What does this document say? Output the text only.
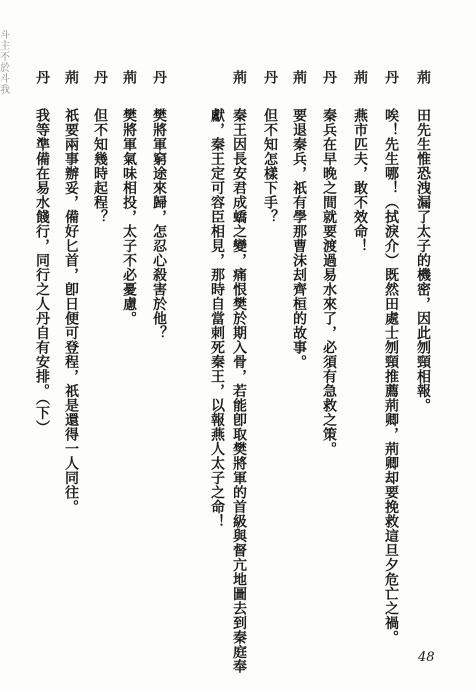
斗
主
不
於
斗
我
荊
田先生惟恐洩漏了太子的機密，因此刎頸相報。
丹
唉！先生哪！（拭淚介）既然田處士刎頸推薦荊卿，荊卿却要挽救這旦夕危亡之禍。
荊
燕市匹夫，敢不效命！
丹
秦兵在早晚之間就要渡過易水來了，必須有急救之策。
荊
要退秦兵，祇有學那曹沫刦齊桓的故事。
丹
但不知怎樣下手？
荊
秦王因長安君成蟜之變，痛恨樊於期入骨，若能卽取樊將軍的首級與督亢地圖去到秦庭奉獻，秦王定可容臣相見，那時自當刺死秦王，以報燕人太子之命！
丹
樊將軍窮途來歸，怎忍心殺害於他？
荊
樊將軍氣味相投，太子不必憂慮。
丹
但不知幾時起程？
荊
祇要兩事辦妥，備好匕首，卽日便可登程，祇是還得一人同往。
丹
我等準備在易水餞行，同行之人丹自有安排。（下）
48
